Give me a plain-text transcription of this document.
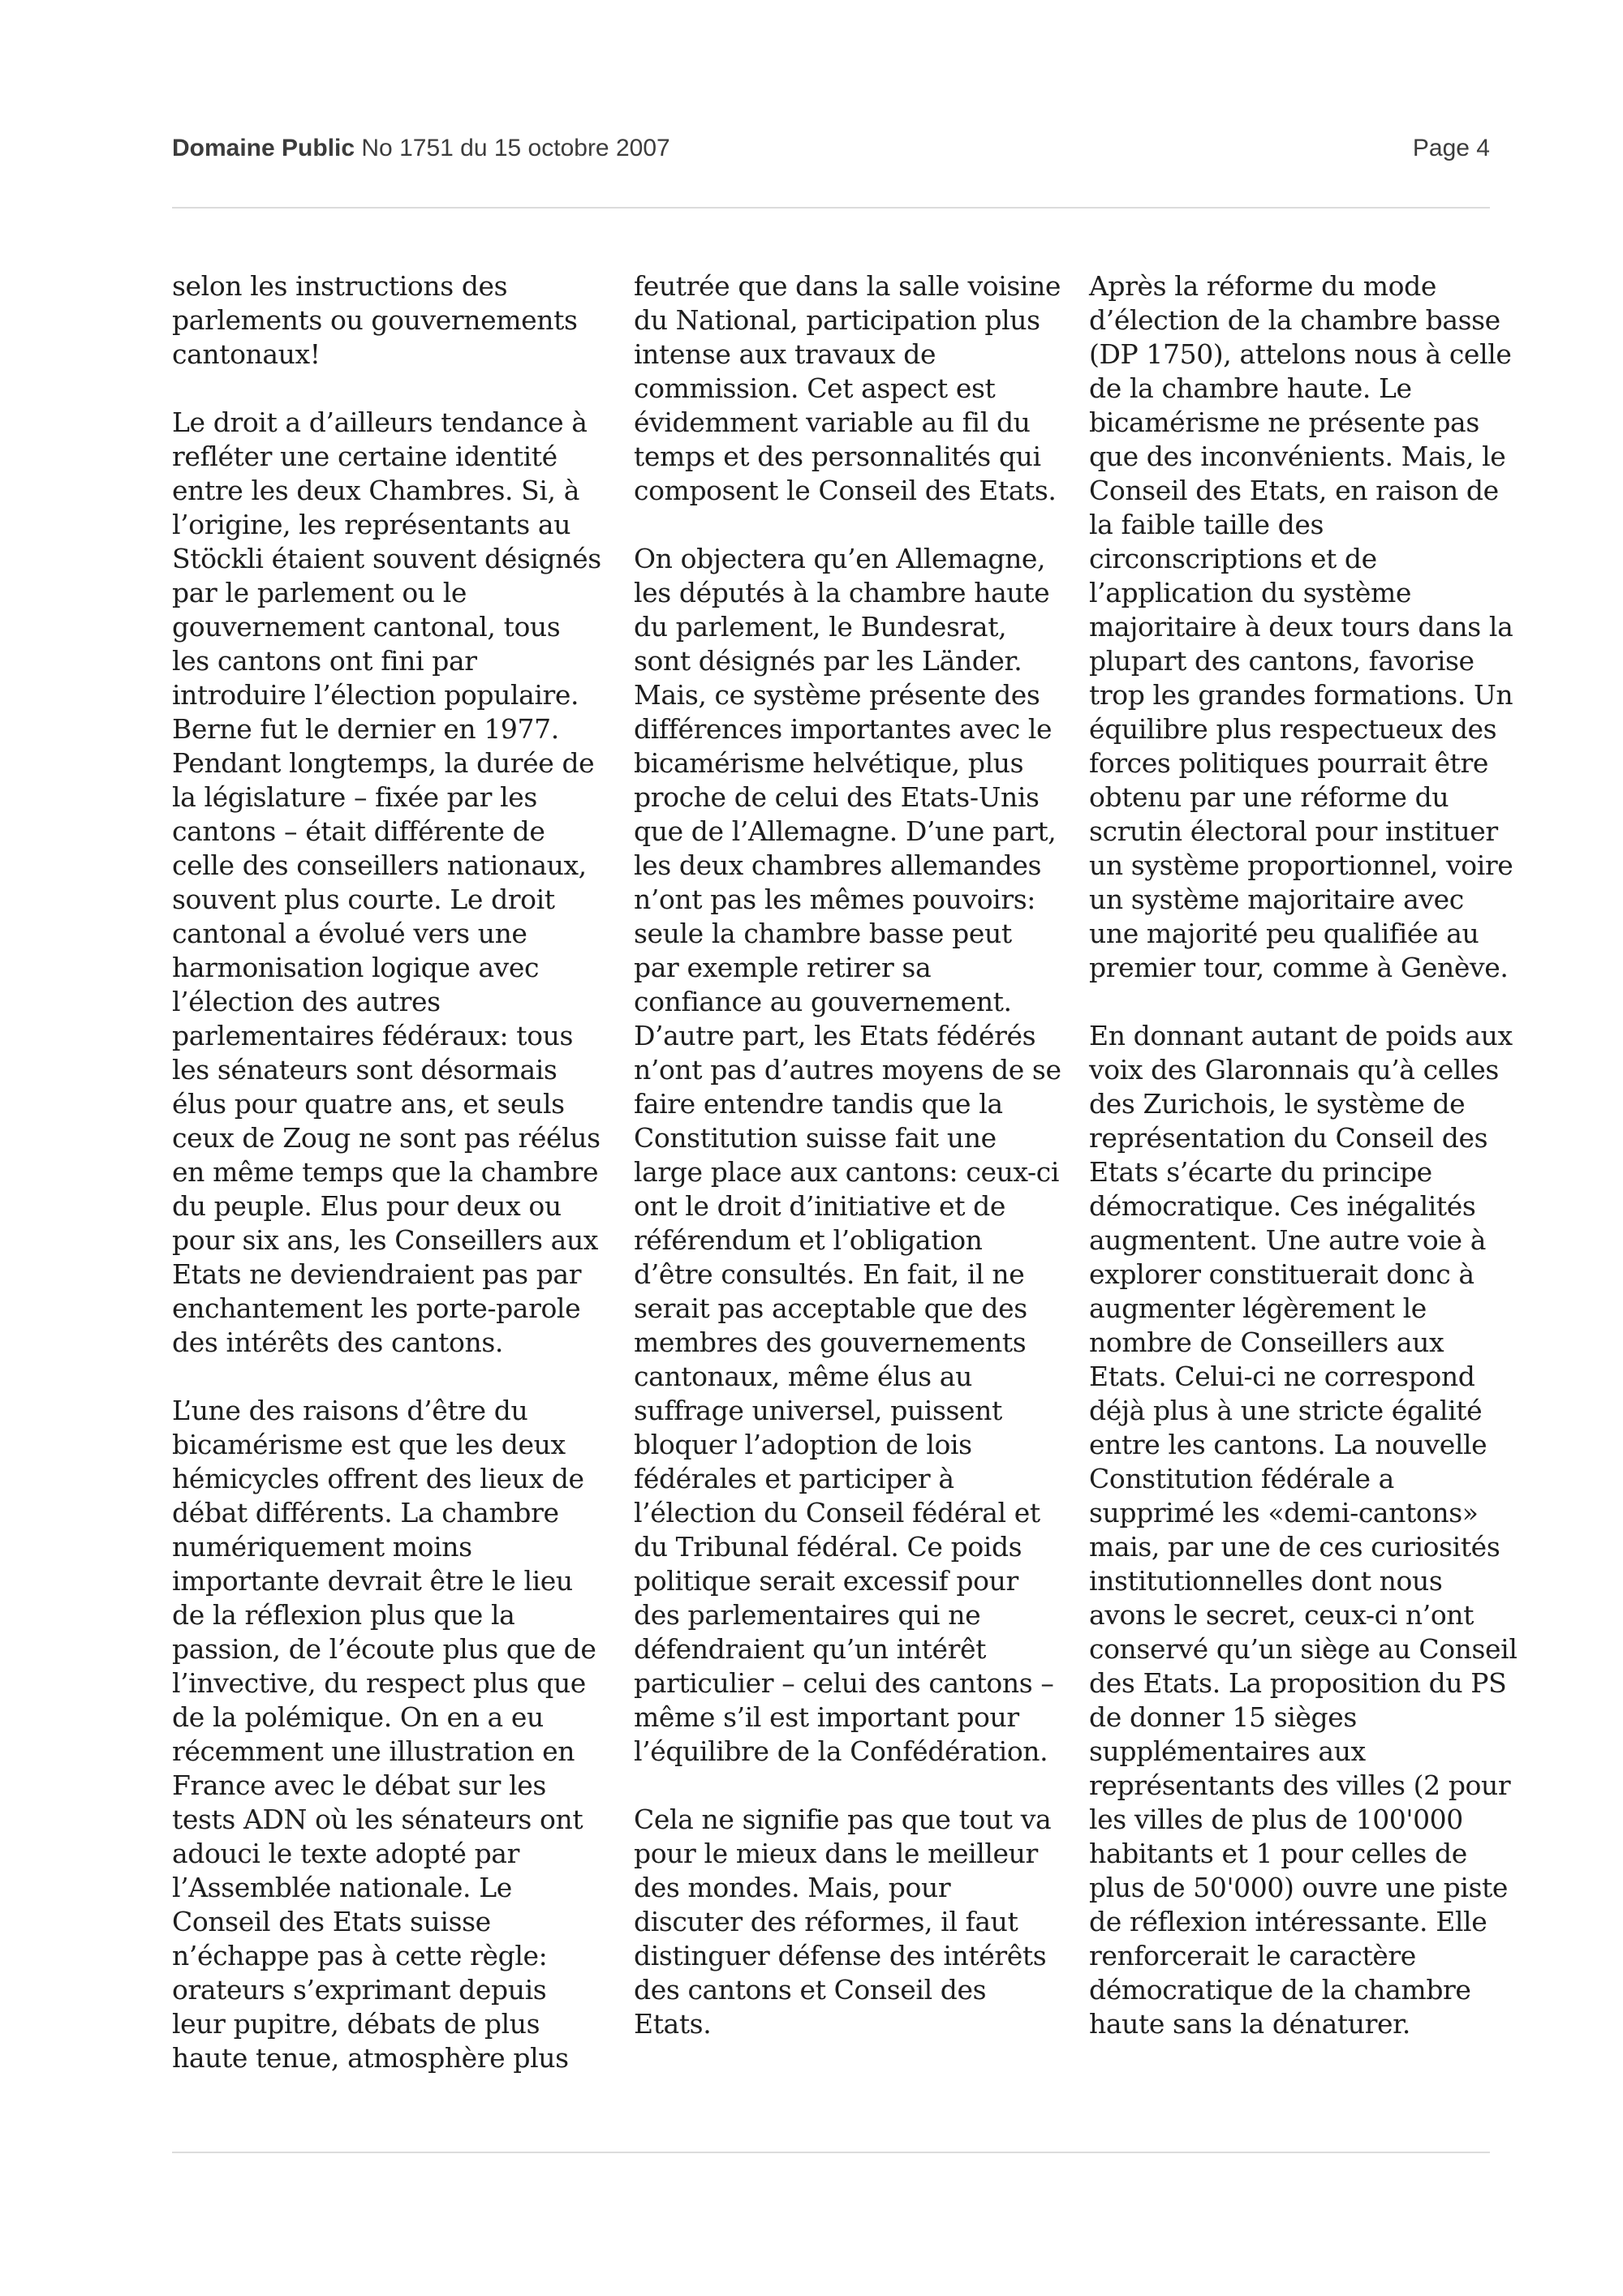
Domaine Public No 1751 du 15 octobre 2007	Page 4

selon les instructions des parlements ou gouvernements cantonaux!

Le droit a d’ailleurs tendance à refléter une certaine identité entre les deux Chambres. Si, à l’origine, les représentants au Stöckli étaient souvent désignés par le parlement ou le gouvernement cantonal, tous les cantons ont fini par introduire l’élection populaire. Berne fut le dernier en 1977. Pendant longtemps, la durée de la législature – fixée par les cantons – était différente de celle des conseillers nationaux, souvent plus courte. Le droit cantonal a évolué vers une harmonisation logique avec l’élection des autres parlementaires fédéraux: tous les sénateurs sont désormais élus pour quatre ans, et seuls ceux de Zoug ne sont pas réélus en même temps que la chambre du peuple. Elus pour deux ou pour six ans, les Conseillers aux Etats ne deviendraient pas par enchantement les porte-parole des intérêts des cantons.

L’une des raisons d’être du bicamérisme est que les deux hémicycles offrent des lieux de débat différents. La chambre numériquement moins importante devrait être le lieu de la réflexion plus que la passion, de l’écoute plus que de l’invective, du respect plus que de la polémique. On en a eu récemment une illustration en France avec le débat sur les tests ADN où les sénateurs ont adouci le texte adopté par l’Assemblée nationale. Le Conseil des Etats suisse n’échappe pas à cette règle: orateurs s’exprimant depuis leur pupitre, débats de plus haute tenue, atmosphère plus

feutrée que dans la salle voisine du National, participation plus intense aux travaux de commission. Cet aspect est évidemment variable au fil du temps et des personnalités qui composent le Conseil des Etats.

On objectera qu’en Allemagne, les députés à la chambre haute du parlement, le Bundesrat, sont désignés par les Länder. Mais, ce système présente des différences importantes avec le bicamérisme helvétique, plus proche de celui des Etats-Unis que de l’Allemagne. D’une part, les deux chambres allemandes n’ont pas les mêmes pouvoirs: seule la chambre basse peut par exemple retirer sa confiance au gouvernement. D’autre part, les Etats fédérés n’ont pas d’autres moyens de se faire entendre tandis que la Constitution suisse fait une large place aux cantons: ceux-ci ont le droit d’initiative et de référendum et l’obligation d’être consultés. En fait, il ne serait pas acceptable que des membres des gouvernements cantonaux, même élus au suffrage universel, puissent bloquer l’adoption de lois fédérales et participer à l’élection du Conseil fédéral et du Tribunal fédéral. Ce poids politique serait excessif pour des parlementaires qui ne défendraient qu’un intérêt particulier – celui des cantons – même s’il est important pour l’équilibre de la Confédération.

Cela ne signifie pas que tout va pour le mieux dans le meilleur des mondes. Mais, pour discuter des réformes, il faut distinguer défense des intérêts des cantons et Conseil des Etats.

Après la réforme du mode d’élection de la chambre basse (DP 1750), attelons nous à celle de la chambre haute. Le bicamérisme ne présente pas que des inconvénients. Mais, le Conseil des Etats, en raison de la faible taille des circonscriptions et de l’application du système majoritaire à deux tours dans la plupart des cantons, favorise trop les grandes formations. Un équilibre plus respectueux des forces politiques pourrait être obtenu par une réforme du scrutin électoral pour instituer un système proportionnel, voire un système majoritaire avec une majorité peu qualifiée au premier tour, comme à Genève.

En donnant autant de poids aux voix des Glaronnais qu’à celles des Zurichois, le système de représentation du Conseil des Etats s’écarte du principe démocratique. Ces inégalités augmentent. Une autre voie à explorer constituerait donc à augmenter légèrement le nombre de Conseillers aux Etats. Celui-ci ne correspond déjà plus à une stricte égalité entre les cantons. La nouvelle Constitution fédérale a supprimé les «demi-cantons» mais, par une de ces curiosités institutionnelles dont nous avons le secret, ceux-ci n’ont conservé qu’un siège au Conseil des Etats. La proposition du PS de donner 15 sièges supplémentaires aux représentants des villes (2 pour les villes de plus de 100'000 habitants et 1 pour celles de plus de 50'000) ouvre une piste de réflexion intéressante. Elle renforcerait le caractère démocratique de la chambre haute sans la dénaturer.
